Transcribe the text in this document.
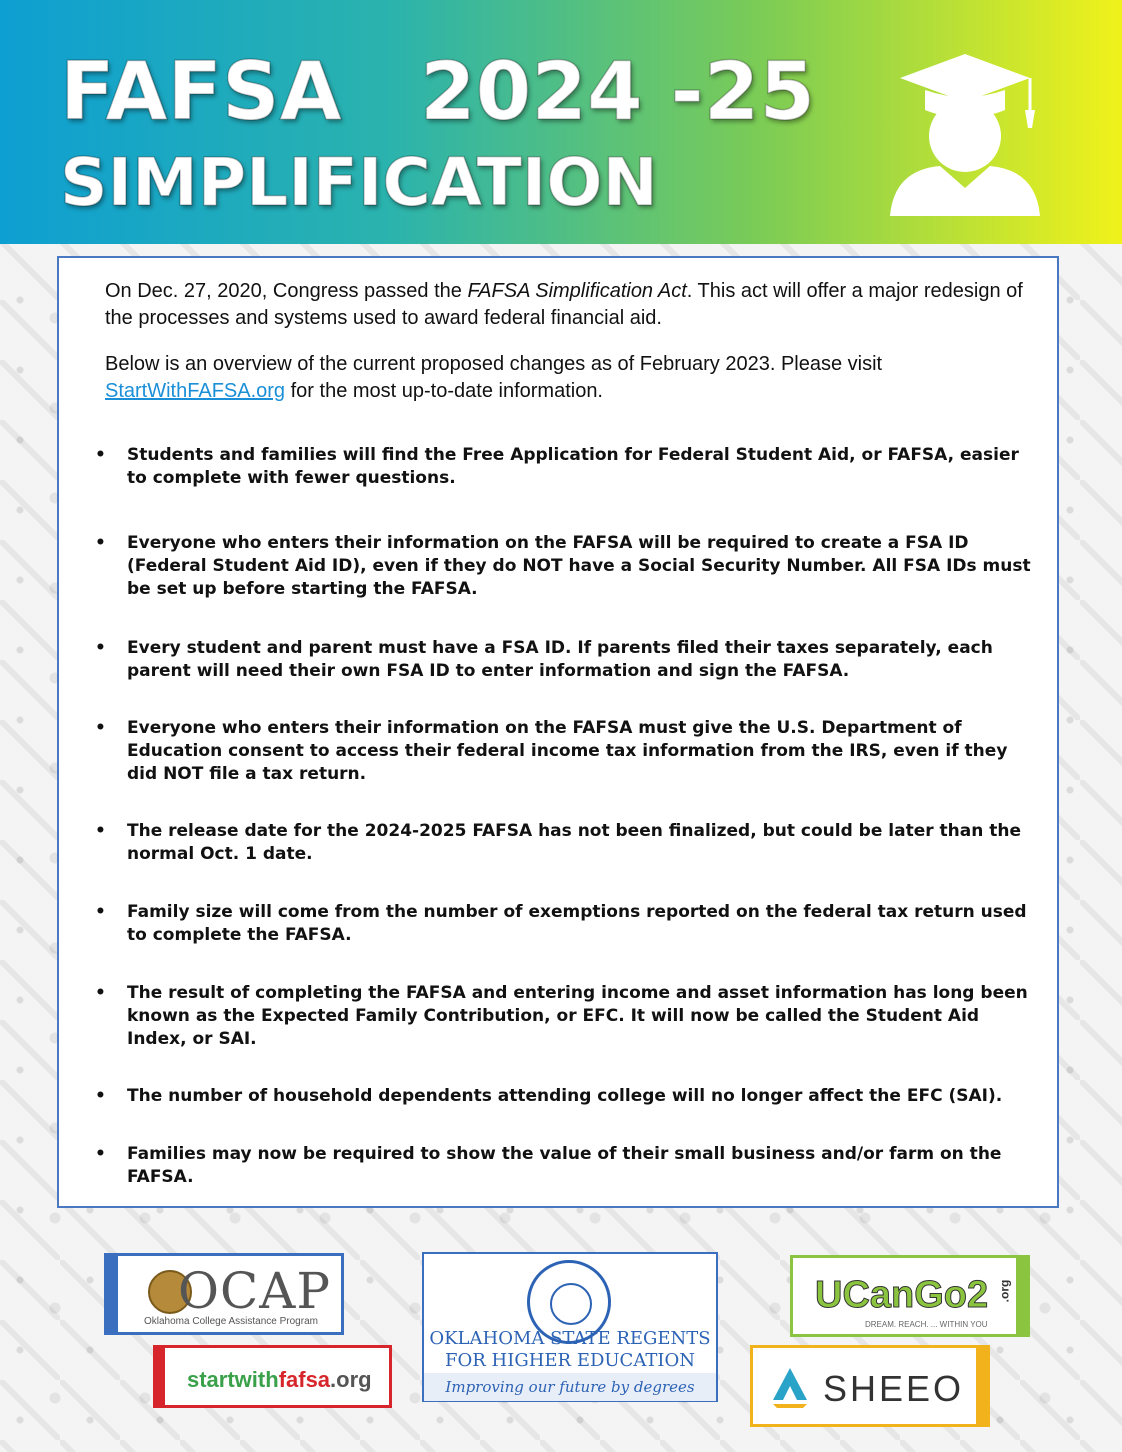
FAFSA 2024 -25
SIMPLIFICATION

On Dec. 27, 2020, Congress passed the FAFSA Simplification Act. This act will offer a major redesign of the processes and systems used to award federal financial aid.

Below is an overview of the current proposed changes as of February 2023. Please visit StartWithFAFSA.org for the most up-to-date information.

• Students and families will find the Free Application for Federal Student Aid, or FAFSA, easier to complete with fewer questions.
• Everyone who enters their information on the FAFSA will be required to create a FSA ID (Federal Student Aid ID), even if they do NOT have a Social Security Number. All FSA IDs must be set up before starting the FAFSA.
• Every student and parent must have a FSA ID. If parents filed their taxes separately, each parent will need their own FSA ID to enter information and sign the FAFSA.
• Everyone who enters their information on the FAFSA must give the U.S. Department of Education consent to access their federal income tax information from the IRS, even if they did NOT file a tax return.
• The release date for the 2024-2025 FAFSA has not been finalized, but could be later than the normal Oct. 1 date.
• Family size will come from the number of exemptions reported on the federal tax return used to complete the FAFSA.
• The result of completing the FAFSA and entering income and asset information has long been known as the Expected Family Contribution, or EFC. It will now be called the Student Aid Index, or SAI.
• The number of household dependents attending college will no longer affect the EFC (SAI).
• Families may now be required to show the value of their small business and/or farm on the FAFSA.
OCAP
Oklahoma College Assistance Program
startwithfafsa.org
OKLAHOMA STATE REGENTS
FOR HIGHER EDUCATION
Improving our future by degrees
UCanGo2 .org
DREAM. REACH. ... WITHIN YOU
SHEEO
